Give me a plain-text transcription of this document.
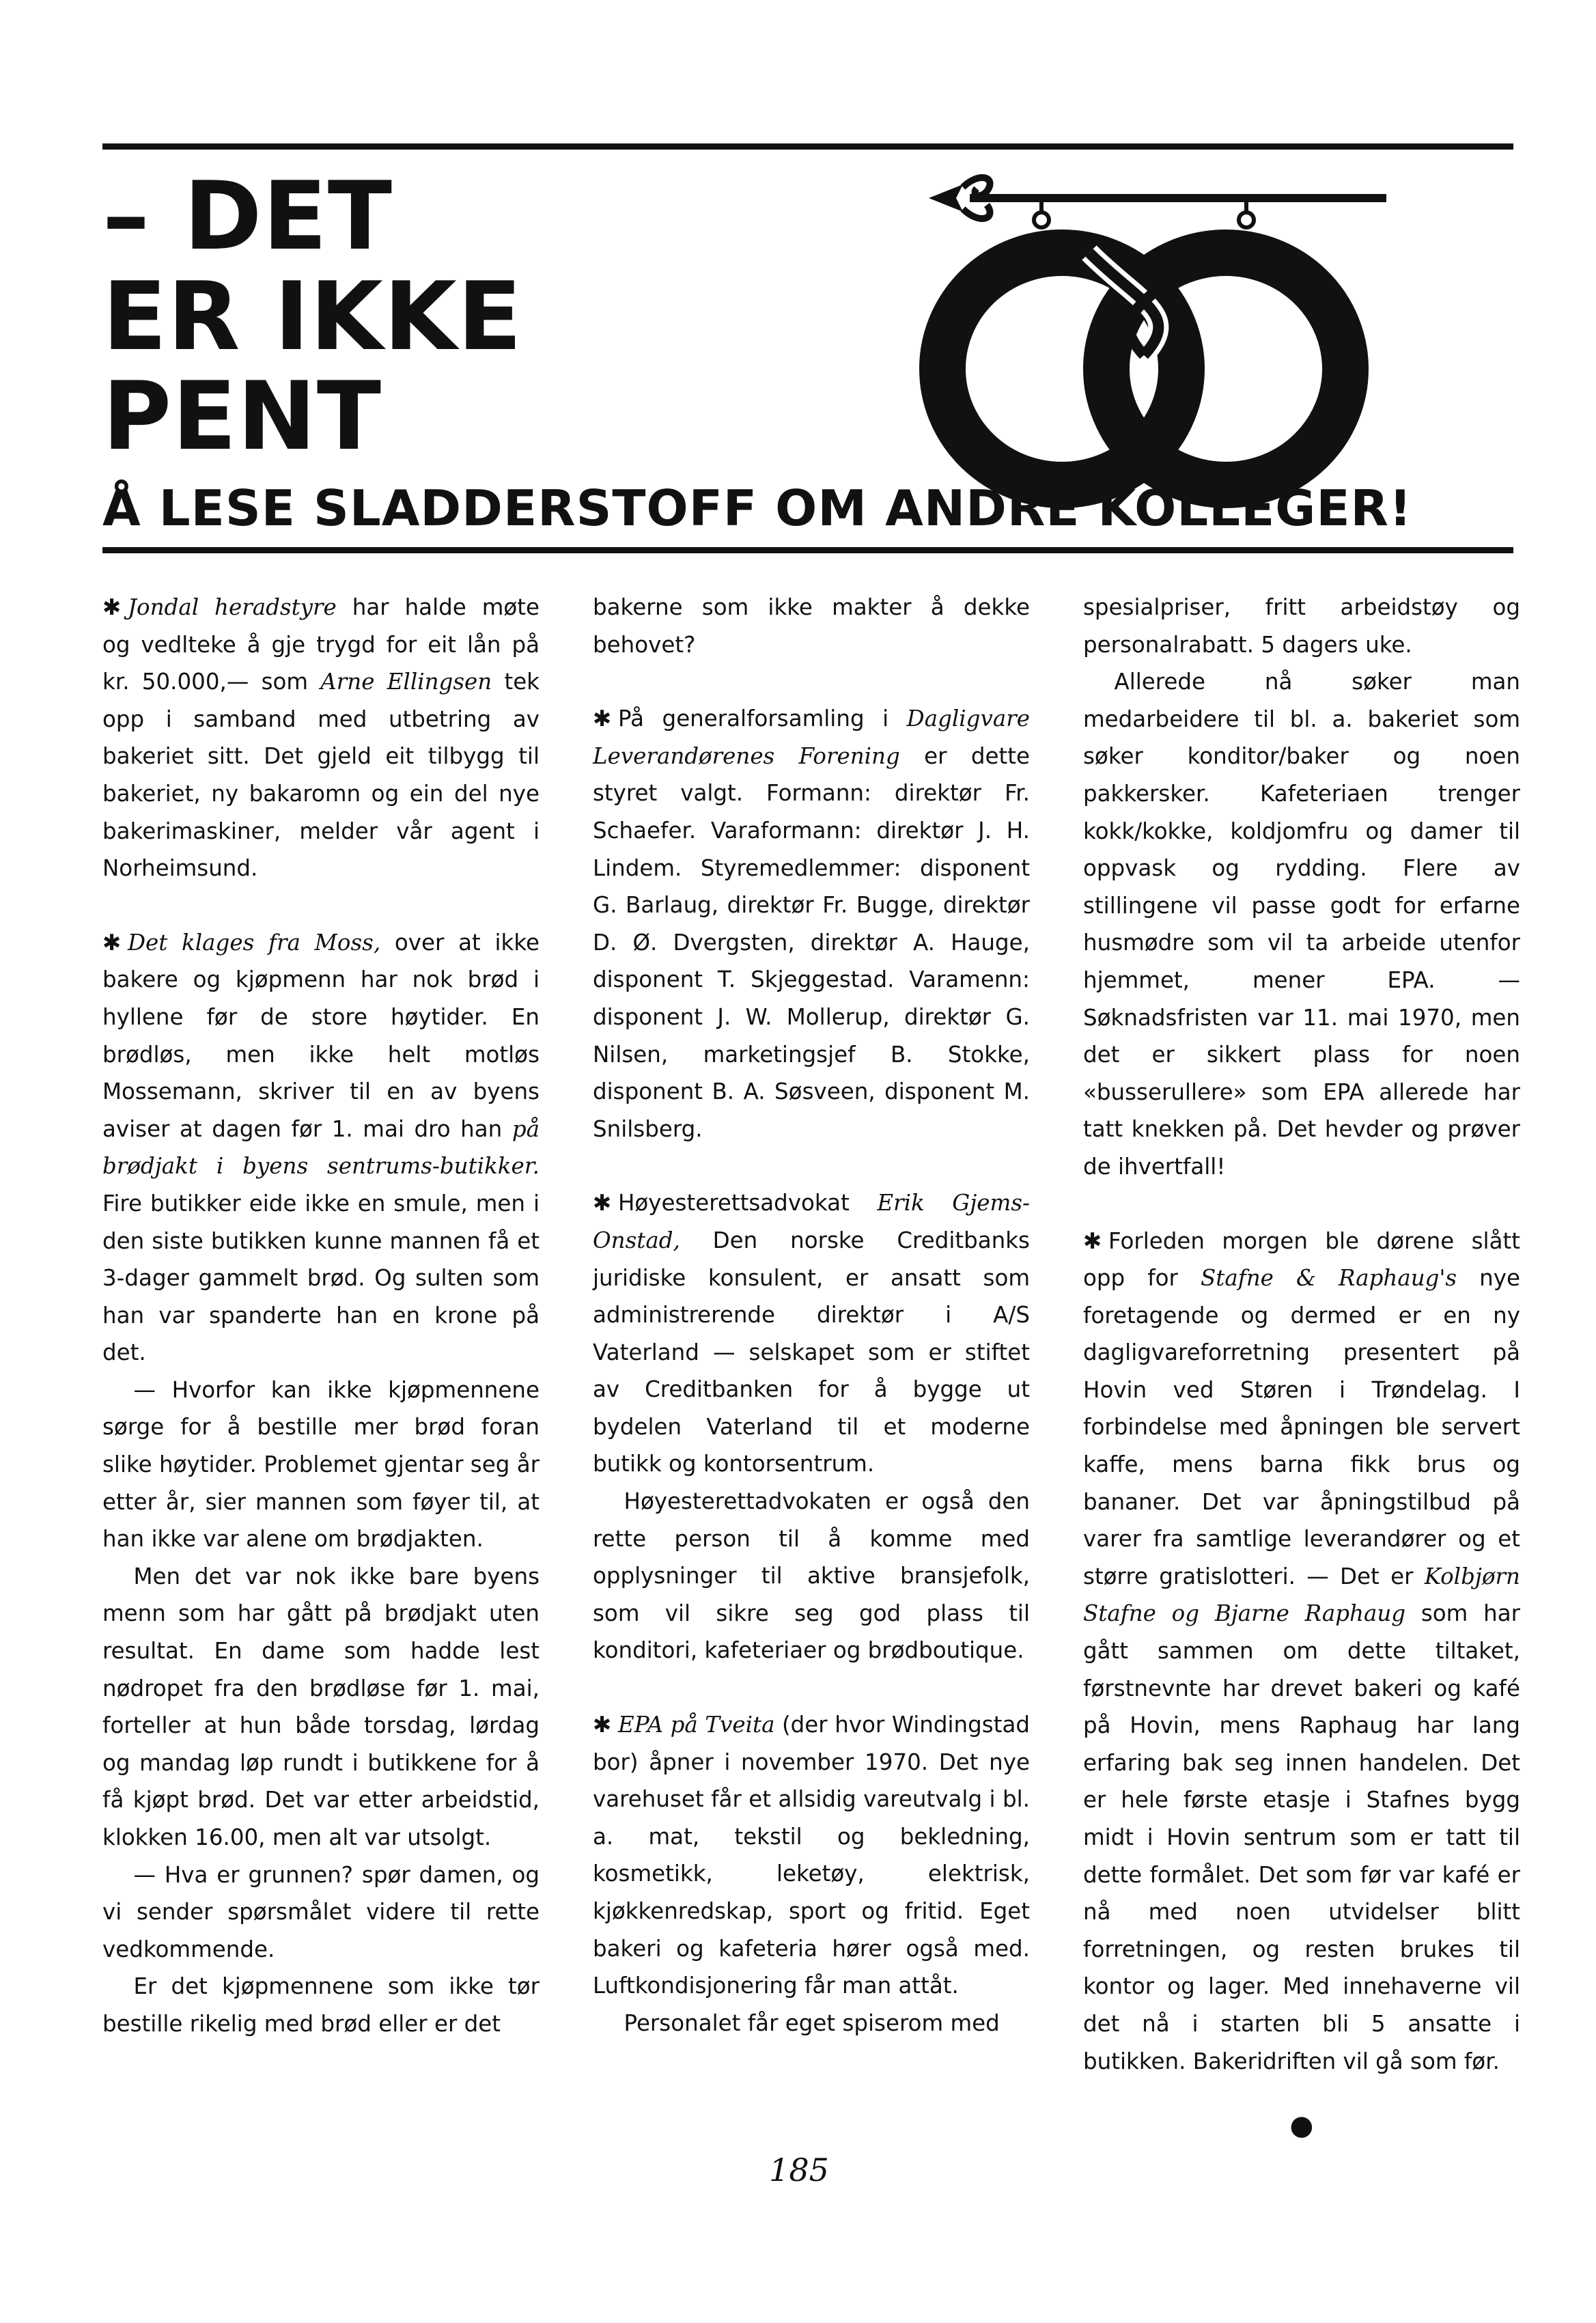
– DET
ER IKKE
PENT
Å LESE SLADDERSTOFF OM ANDRE KOLLEGER!

✱ Jondal heradstyre har halde møte og vedlteke å gje trygd for eit lån på kr. 50.000,— som Arne Ellingsen tek opp i samband med utbetring av bakeriet sitt. Det gjeld eit tilbygg til bakeriet, ny bakaromn og ein del nye bakerimaskiner, melder vår agent i Norheimsund.

✱ Det klages fra Moss, over at ikke bakere og kjøpmenn har nok brød i hyllene før de store høytider. En brødløs, men ikke helt motløs Mossemann, skriver til en av byens aviser at dagen før 1. mai dro han på brødjakt i byens sentrums-butikker. Fire butikker eide ikke en smule, men i den siste butikken kunne mannen få et 3-dager gammelt brød. Og sulten som han var spanderte han en krone på det.

— Hvorfor kan ikke kjøpmennene sørge for å bestille mer brød foran slike høytider. Problemet gjentar seg år etter år, sier mannen som føyer til, at han ikke var alene om brødjakten.

Men det var nok ikke bare byens menn som har gått på brødjakt uten resultat. En dame som hadde lest nødropet fra den brødløse før 1. mai, forteller at hun både torsdag, lørdag og mandag løp rundt i butikkene for å få kjøpt brød. Det var etter arbeidstid, klokken 16.00, men alt var utsolgt.

— Hva er grunnen? spør damen, og vi sender spørsmålet videre til rette vedkommende.

Er det kjøpmennene som ikke tør bestille rikelig med brød eller er det

bakerne som ikke makter å dekke behovet?

✱ På generalforsamling i Dagligvare Leverandørenes Forening er dette styret valgt. Formann: direktør Fr. Schaefer. Varaformann: direktør J. H. Lindem. Styremedlemmer: disponent G. Barlaug, direktør Fr. Bugge, direktør D. Ø. Dvergsten, direktør A. Hauge, disponent T. Skjeggestad. Varamenn: disponent J. W. Mollerup, direktør G. Nilsen, marketingsjef B. Stokke, disponent B. A. Søsveen, disponent M. Snilsberg.

✱ Høyesterettsadvokat Erik Gjems-Onstad, Den norske Creditbanks juridiske konsulent, er ansatt som administrerende direktør i A/S Vaterland — selskapet som er stiftet av Creditbanken for å bygge ut bydelen Vaterland til et moderne butikk og kontorsentrum.

Høyesterettadvokaten er også den rette person til å komme med opplysninger til aktive bransjefolk, som vil sikre seg god plass til konditori, kafeteriaer og brødboutique.

✱ EPA på Tveita (der hvor Windingstad bor) åpner i november 1970. Det nye varehuset får et allsidig vareutvalg i bl. a. mat, tekstil og bekledning, kosmetikk, leketøy, elektrisk, kjøkkenredskap, sport og fritid. Eget bakeri og kafeteria hører også med. Luftkondisjonering får man attåt.

Personalet får eget spiserom med

spesialpriser, fritt arbeidstøy og personalrabatt. 5 dagers uke.

Allerede nå søker man medarbeidere til bl. a. bakeriet som søker konditor/baker og noen pakkersker. Kafeteriaen trenger kokk/kokke, koldjomfru og damer til oppvask og rydding. Flere av stillingene vil passe godt for erfarne husmødre som vil ta arbeide utenfor hjemmet, mener EPA. — Søknadsfristen var 11. mai 1970, men det er sikkert plass for noen «busserullere» som EPA allerede har tatt knekken på. Det hevder og prøver de ihvertfall!

✱ Forleden morgen ble dørene slått opp for Stafne & Raphaug's nye foretagende og dermed er en ny dagligvareforretning presentert på Hovin ved Støren i Trøndelag. I forbindelse med åpningen ble servert kaffe, mens barna fikk brus og bananer. Det var åpningstilbud på varer fra samtlige leverandører og et større gratislotteri. — Det er Kolbjørn Stafne og Bjarne Raphaug som har gått sammen om dette tiltaket, førstnevnte har drevet bakeri og kafé på Hovin, mens Raphaug har lang erfaring bak seg innen handelen. Det er hele første etasje i Stafnes bygg midt i Hovin sentrum som er tatt til dette formålet. Det som før var kafé er nå med noen utvidelser blitt forretningen, og resten brukes til kontor og lager. Med innehaverne vil det nå i starten bli 5 ansatte i butikken. Bakeridriften vil gå som før.

●

185
